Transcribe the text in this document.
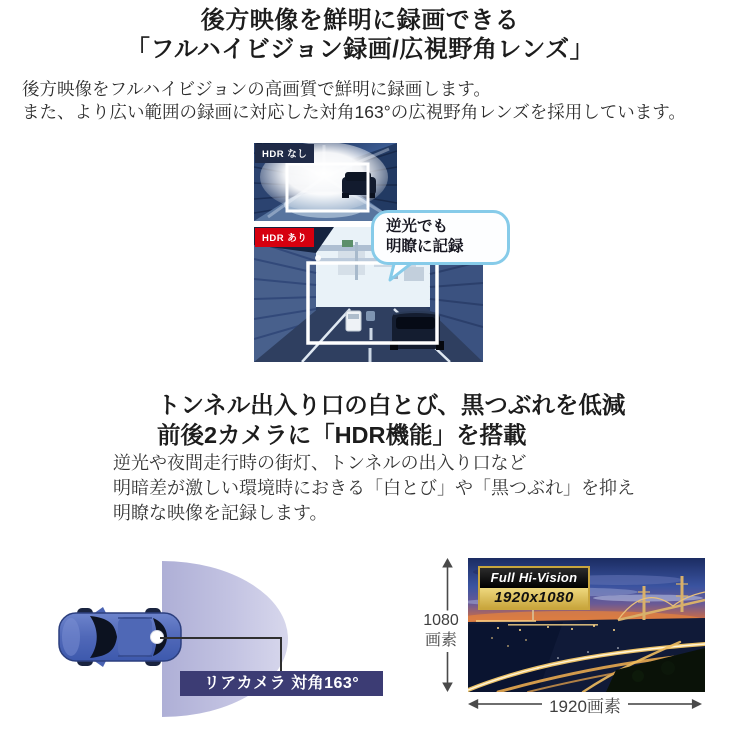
後方映像を鮮明に録画できる
「フルハイビジョン録画/広視野角レンズ」
後方映像をフルハイビジョンの高画質で鮮明に録画します。
また、より広い範囲の録画に対応した対角163°の広視野角レンズを採用しています。
HDR なし
HDR あり
逆光でも
明瞭に記録
トンネル出入り口の白とび、黒つぶれを低減
前後2カメラに「HDR機能」を搭載
逆光や夜間走行時の街灯、トンネルの出入り口など
明暗差が激しい環境時におきる「白とび」や「黒つぶれ」を抑え
明瞭な映像を記録します。
リアカメラ 対角163°
Full Hi-Vision
1920x1080
1080
画素
1920画素
